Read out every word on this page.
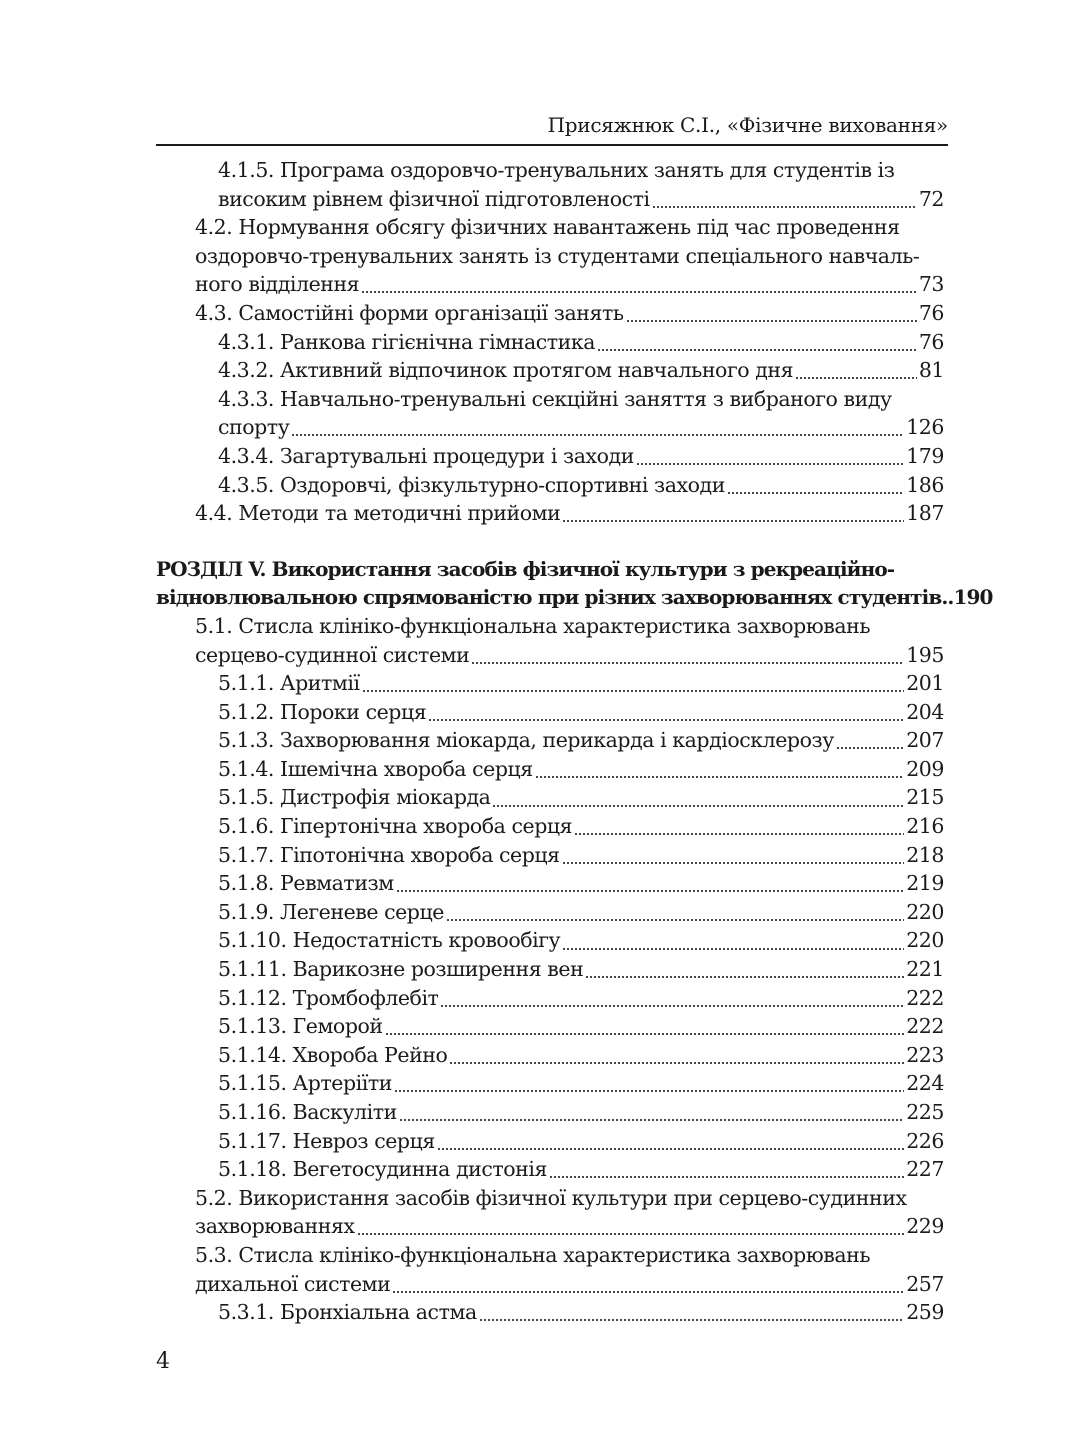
Присяжнюк С.І., «Фізичне виховання»
4.1.5. Програма оздоровчо-тренувальних занять для студентів із
високим рівнем фізичної підготовленості	72
4.2. Нормування обсягу фізичних навантажень під час проведення
оздоровчо-тренувальних занять із студентами спеціального навчаль-
ного відділення	73
4.3. Самостійні форми організації занять	76
4.3.1. Ранкова гігієнічна гімнастика	76
4.3.2. Активний відпочинок протягом навчального дня	81
4.3.3. Навчально-тренувальні секційні заняття з вибраного виду
спорту	126
4.3.4. Загартувальні процедури і заходи	179
4.3.5. Оздоровчі, фізкультурно-спортивні заходи	186
4.4. Методи та методичні прийоми	187
РОЗДІЛ V. Використання засобів фізичної культури з рекреаційно-
відновлювальною спрямованістю при різних захворюваннях студентів ..190
5.1. Стисла клініко-функціональна характеристика захворювань
серцево-судинної системи	195
5.1.1. Аритмії	201
5.1.2. Пороки серця	204
5.1.3. Захворювання міокарда, перикарда і кардіосклерозу	207
5.1.4. Ішемічна хвороба серця	209
5.1.5. Дистрофія міокарда	215
5.1.6. Гіпертонічна хвороба серця	216
5.1.7. Гіпотонічна хвороба серця	218
5.1.8. Ревматизм	219
5.1.9. Легеневе серце	220
5.1.10. Недостатність кровообігу	220
5.1.11. Варикозне розширення вен	221
5.1.12. Тромбофлебіт	222
5.1.13. Геморой	222
5.1.14. Хвороба Рейно	223
5.1.15. Артеріїти	224
5.1.16. Васкуліти	225
5.1.17. Невроз серця	226
5.1.18. Вегетосудинна дистонія	227
5.2. Використання засобів фізичної культури при серцево-судинних
захворюваннях	229
5.3. Стисла клініко-функціональна характеристика захворювань
дихальної системи	257
5.3.1. Бронхіальна астма	259
4
